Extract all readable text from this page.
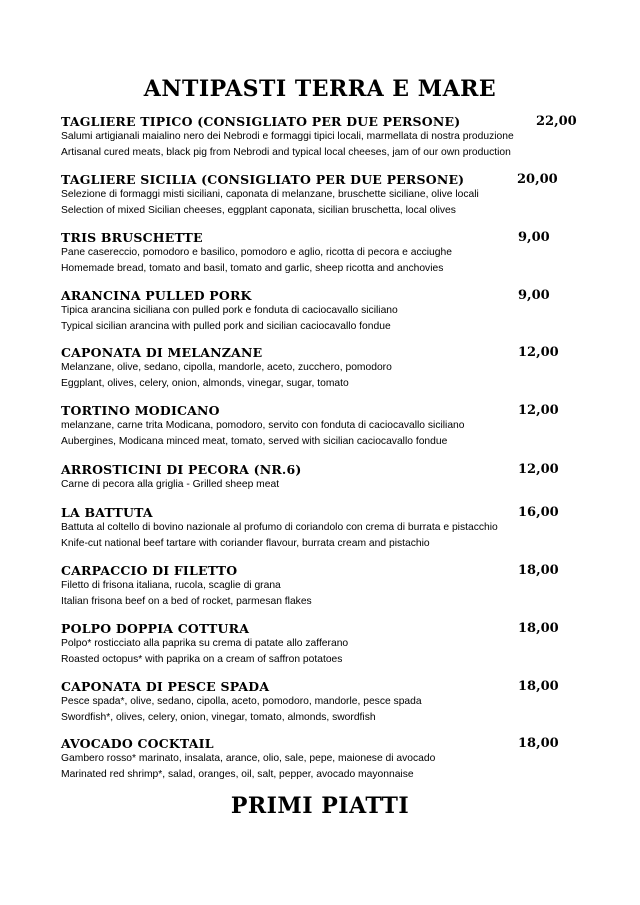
ANTIPASTI TERRA E MARE
TAGLIERE TIPICO (CONSIGLIATO PER DUE PERSONE)	22,00
Salumi artigianali maialino nero dei Nebrodi e formaggi tipici locali, marmellata di nostra produzione
Artisanal cured meats, black pig from Nebrodi and typical local cheeses, jam of our own production
TAGLIERE SICILIA (CONSIGLIATO PER DUE PERSONE)	20,00
Selezione di formaggi misti siciliani, caponata di melanzane, bruschette siciliane, olive locali
Selection of mixed Sicilian cheeses, eggplant caponata, sicilian bruschetta, local olives
TRIS BRUSCHETTE	9,00
Pane casereccio, pomodoro e basilico, pomodoro e aglio, ricotta di pecora e acciughe
Homemade bread, tomato and basil, tomato and garlic, sheep ricotta and anchovies
ARANCINA PULLED PORK	9,00
Tipica arancina siciliana con pulled pork e fonduta di caciocavallo siciliano
Typical sicilian arancina with pulled pork and sicilian caciocavallo fondue
CAPONATA DI MELANZANE	12,00
Melanzane, olive, sedano, cipolla, mandorle, aceto, zucchero, pomodoro
Eggplant, olives, celery, onion, almonds, vinegar, sugar, tomato
TORTINO MODICANO	12,00
melanzane, carne trita Modicana, pomodoro, servito con fonduta di caciocavallo siciliano
Aubergines, Modicana minced meat, tomato, served with sicilian caciocavallo fondue
ARROSTICINI DI PECORA (NR.6)	12,00
Carne di pecora alla griglia - Grilled sheep meat
LA BATTUTA	16,00
Battuta al coltello di bovino nazionale al profumo di coriandolo con crema di burrata e pistacchio
Knife-cut national beef tartare with coriander flavour, burrata cream and pistachio
CARPACCIO DI FILETTO	18,00
Filetto di frisona italiana, rucola, scaglie di grana
Italian frisona beef on a bed of rocket, parmesan flakes
POLPO DOPPIA COTTURA	18,00
Polpo* rosticciato alla paprika su crema di patate allo zafferano
Roasted octopus* with paprika on a cream of saffron potatoes
CAPONATA DI PESCE SPADA	18,00
Pesce spada*, olive, sedano, cipolla, aceto, pomodoro, mandorle, pesce spada
Swordfish*, olives, celery, onion, vinegar, tomato, almonds, swordfish
AVOCADO COCKTAIL	18,00
Gambero rosso* marinato, insalata, arance, olio, sale, pepe, maionese di avocado
Marinated red shrimp*, salad, oranges, oil, salt, pepper, avocado mayonnaise
PRIMI PIATTI
